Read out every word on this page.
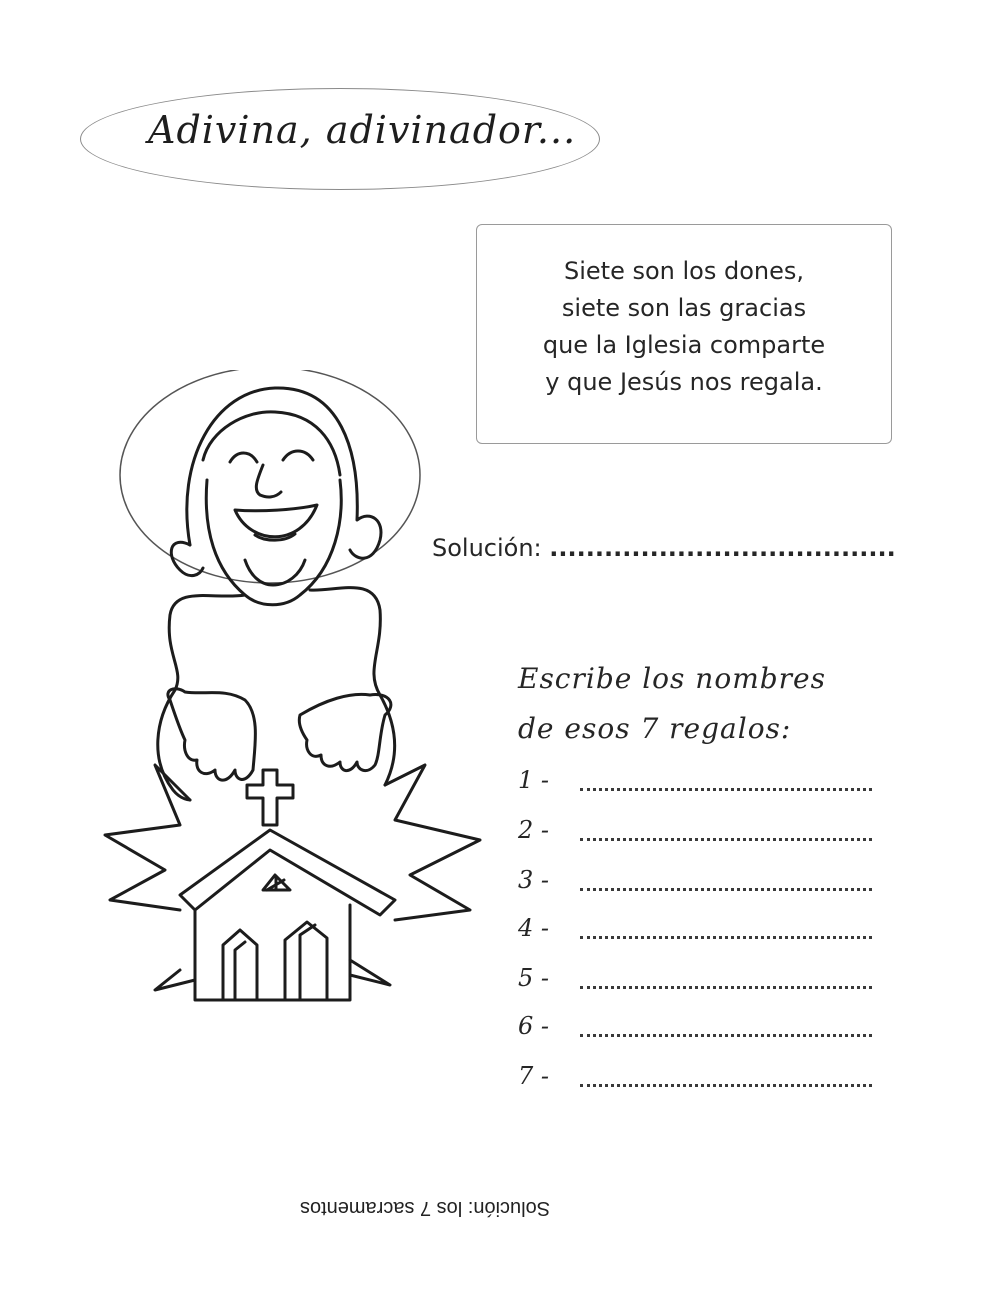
Adivina, adivinador...
Siete son los dones,
siete son las gracias
que la Iglesia comparte
y que Jesús nos regala.
Solución: ......................................
Escribe los nombres
de esos 7 regalos:
1 -
2 -
3 -
4 -
5 -
6 -
7 -
Solución: los 7 sacramentos
